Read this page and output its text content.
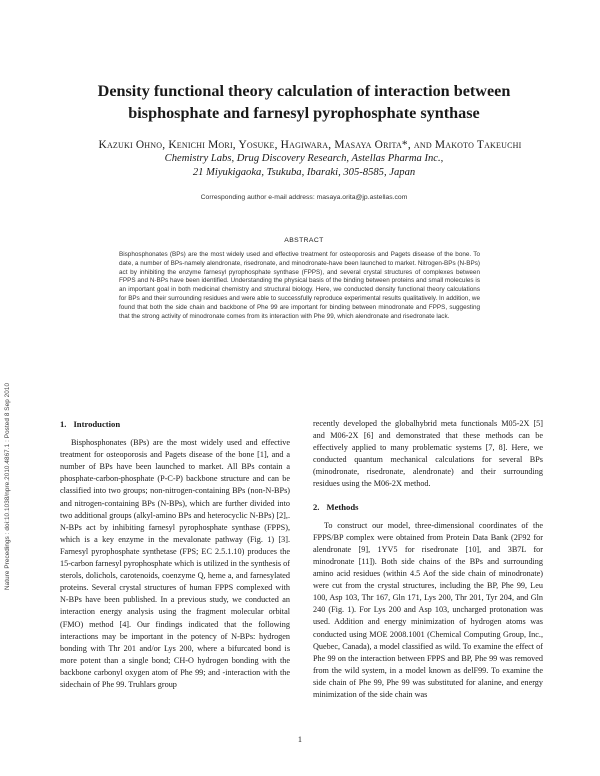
Nature Precedings : doi:10.1038/npre.2010.4867.1 : Posted 8 Sep 2010
Density functional theory calculation of interaction between bisphosphate and farnesyl pyrophosphate synthase
Kazuki Ohno, Kenichi Mori, Yosuke, Hagiwara, Masaya Orita*, and Makoto Takeuchi
Chemistry Labs, Drug Discovery Research, Astellas Pharma Inc.,
21 Miyukigaoka, Tsukuba, Ibaraki, 305-8585, Japan
Corresponding author e-mail address: masaya.orita@jp.astellas.com
ABSTRACT
Bisphosphonates (BPs) are the most widely used and effective treatment for osteoporosis and Pagets disease of the bone. To date, a number of BPs-namely alendronate, risedronate, and minodronate-have been launched to market. Nitrogen-BPs (N-BPs) act by inhibiting the enzyme farnesyl pyrophosphate synthase (FPPS), and several crystal structures of complexes between FPPS and N-BPs have been identified. Understanding the physical basis of the binding between proteins and small molecules is an important goal in both medicinal chemistry and structural biology. Here, we conducted density functional theory calculations for BPs and their surrounding residues and were able to successfully reproduce experimental results qualitatively. In addition, we found that both the side chain and backbone of Phe 99 are important for binding between minodronate and FPPS, suggesting that the strong activity of minodronate comes from its interaction with Phe 99, which alendronate and risedronate lack.
1. Introduction

Bisphosphonates (BPs) are the most widely used and effective treatment for osteoporosis and Pagets disease of the bone [1], and a number of BPs have been launched to market. All BPs contain a phosphate-carbon-phosphate (P-C-P) backbone structure and can be classified into two groups; non-nitrogen-containing BPs (non-N-BPs) and nitrogen-containing BPs (N-BPs), which are further divided into two additional groups (alkyl-amino BPs and heterocyclic N-BPs) [2],. N-BPs act by inhibiting farnesyl pyrophosphate synthase (FPPS), which is a key enzyme in the mevalonate pathway (Fig. 1) [3]. Farnesyl pyrophosphate synthetase (FPS; EC 2.5.1.10) produces the 15-carbon farnesyl pyrophosphate which is utilized in the synthesis of sterols, dolichols, carotenoids, coenzyme Q, heme a, and farnesylated proteins. Several crystal structures of human FPPS complexed with N-BPs have been published. In a previous study, we conducted an interaction energy analysis using the fragment molecular orbital (FMO) method [4]. Our findings indicated that the following interactions may be important in the potency of N-BPs: hydrogen bonding with Thr 201 and/or Lys 200, where a bifurcated bond is more potent than a single bond; CH-O hydrogen bonding with the backbone carbonyl oxygen atom of Phe 99; and -interaction with the sidechain of Phe 99. Truhlars group

recently developed the globalhybrid meta functionals M05-2X [5] and M06-2X [6] and demonstrated that these methods can be effectively applied to many problematic systems [7, 8]. Here, we conducted quantum mechanical calculations for several BPs (minodronate, risedronate, alendronate) and their surrounding residues using the M06-2X method.

2. Methods

To construct our model, three-dimensional coordinates of the FPPS/BP complex were obtained from Protein Data Bank (2F92 for alendronate [9], 1YV5 for risedronate [10], and 3B7L for minodronate [11]). Both side chains of the BPs and surrounding amino acid residues (within 4.5 Aof the side chain of minodronate) were cut from the crystal structures, including the BP, Phe 99, Leu 100, Asp 103, Thr 167, Gln 171, Lys 200, Thr 201, Tyr 204, and Gln 240 (Fig. 1). For Lys 200 and Asp 103, uncharged protonation was used. Addition and energy minimization of hydrogen atoms was conducted using MOE 2008.1001 (Chemical Computing Group, Inc., Quebec, Canada), a model classified as wild. To examine the effect of Phe 99 on the interaction between FPPS and BP, Phe 99 was removed from the wild system, in a model known as delF99. To examine the side chain of Phe 99, Phe 99 was substituted for alanine, and energy minimization of the side chain was

1
